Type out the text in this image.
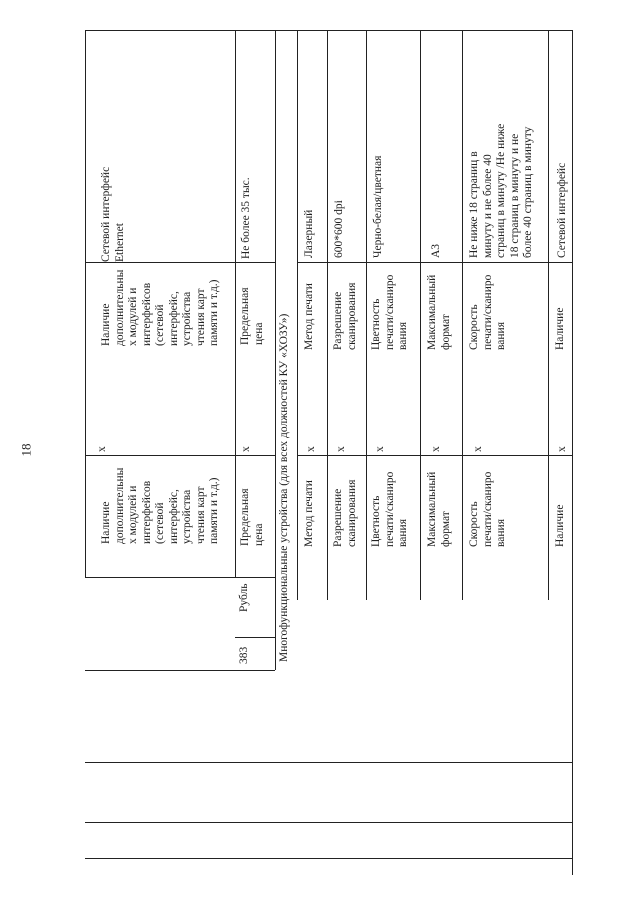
18
Наличие
дополнительны
х модулей и
интерфейсов
(сетевой
интерфейс,
устройства
чтения карт
памяти и т.д.)
х
Наличие
дополнительны
х модулей и
интерфейсов
(сетевой
интерфейс,
устройства
чтения карт
памяти и т.д.)
Сетевой интерфейс
Ethernet
383
Рубль
Предельная
цена
х
Предельная
цена
Не более 35 тыс.
Многофункциональные устройства (для всех должностей КУ «ХОЗУ») Метод печати
х
Метод печати
Лазерный
Разрешение
сканирования
х
Разрешение
сканирования
600*600 dpi
Цветность
печати/сканиро
вания
х
Цветность
печати/сканиро
вания
Черно-белая/цветная
Максимальный
формат
х
Максимальный
формат
А3
Скорость
печати/сканиро
вания
х
Скорость
печати/сканиро
вания
Не ниже 18 страниц в
минуту и не более 40
страниц в минуту /Не ниже
18 страниц в минуту и не
более 40 страниц в минуту
Наличие
х
Наличие
Сетевой интерфейс
